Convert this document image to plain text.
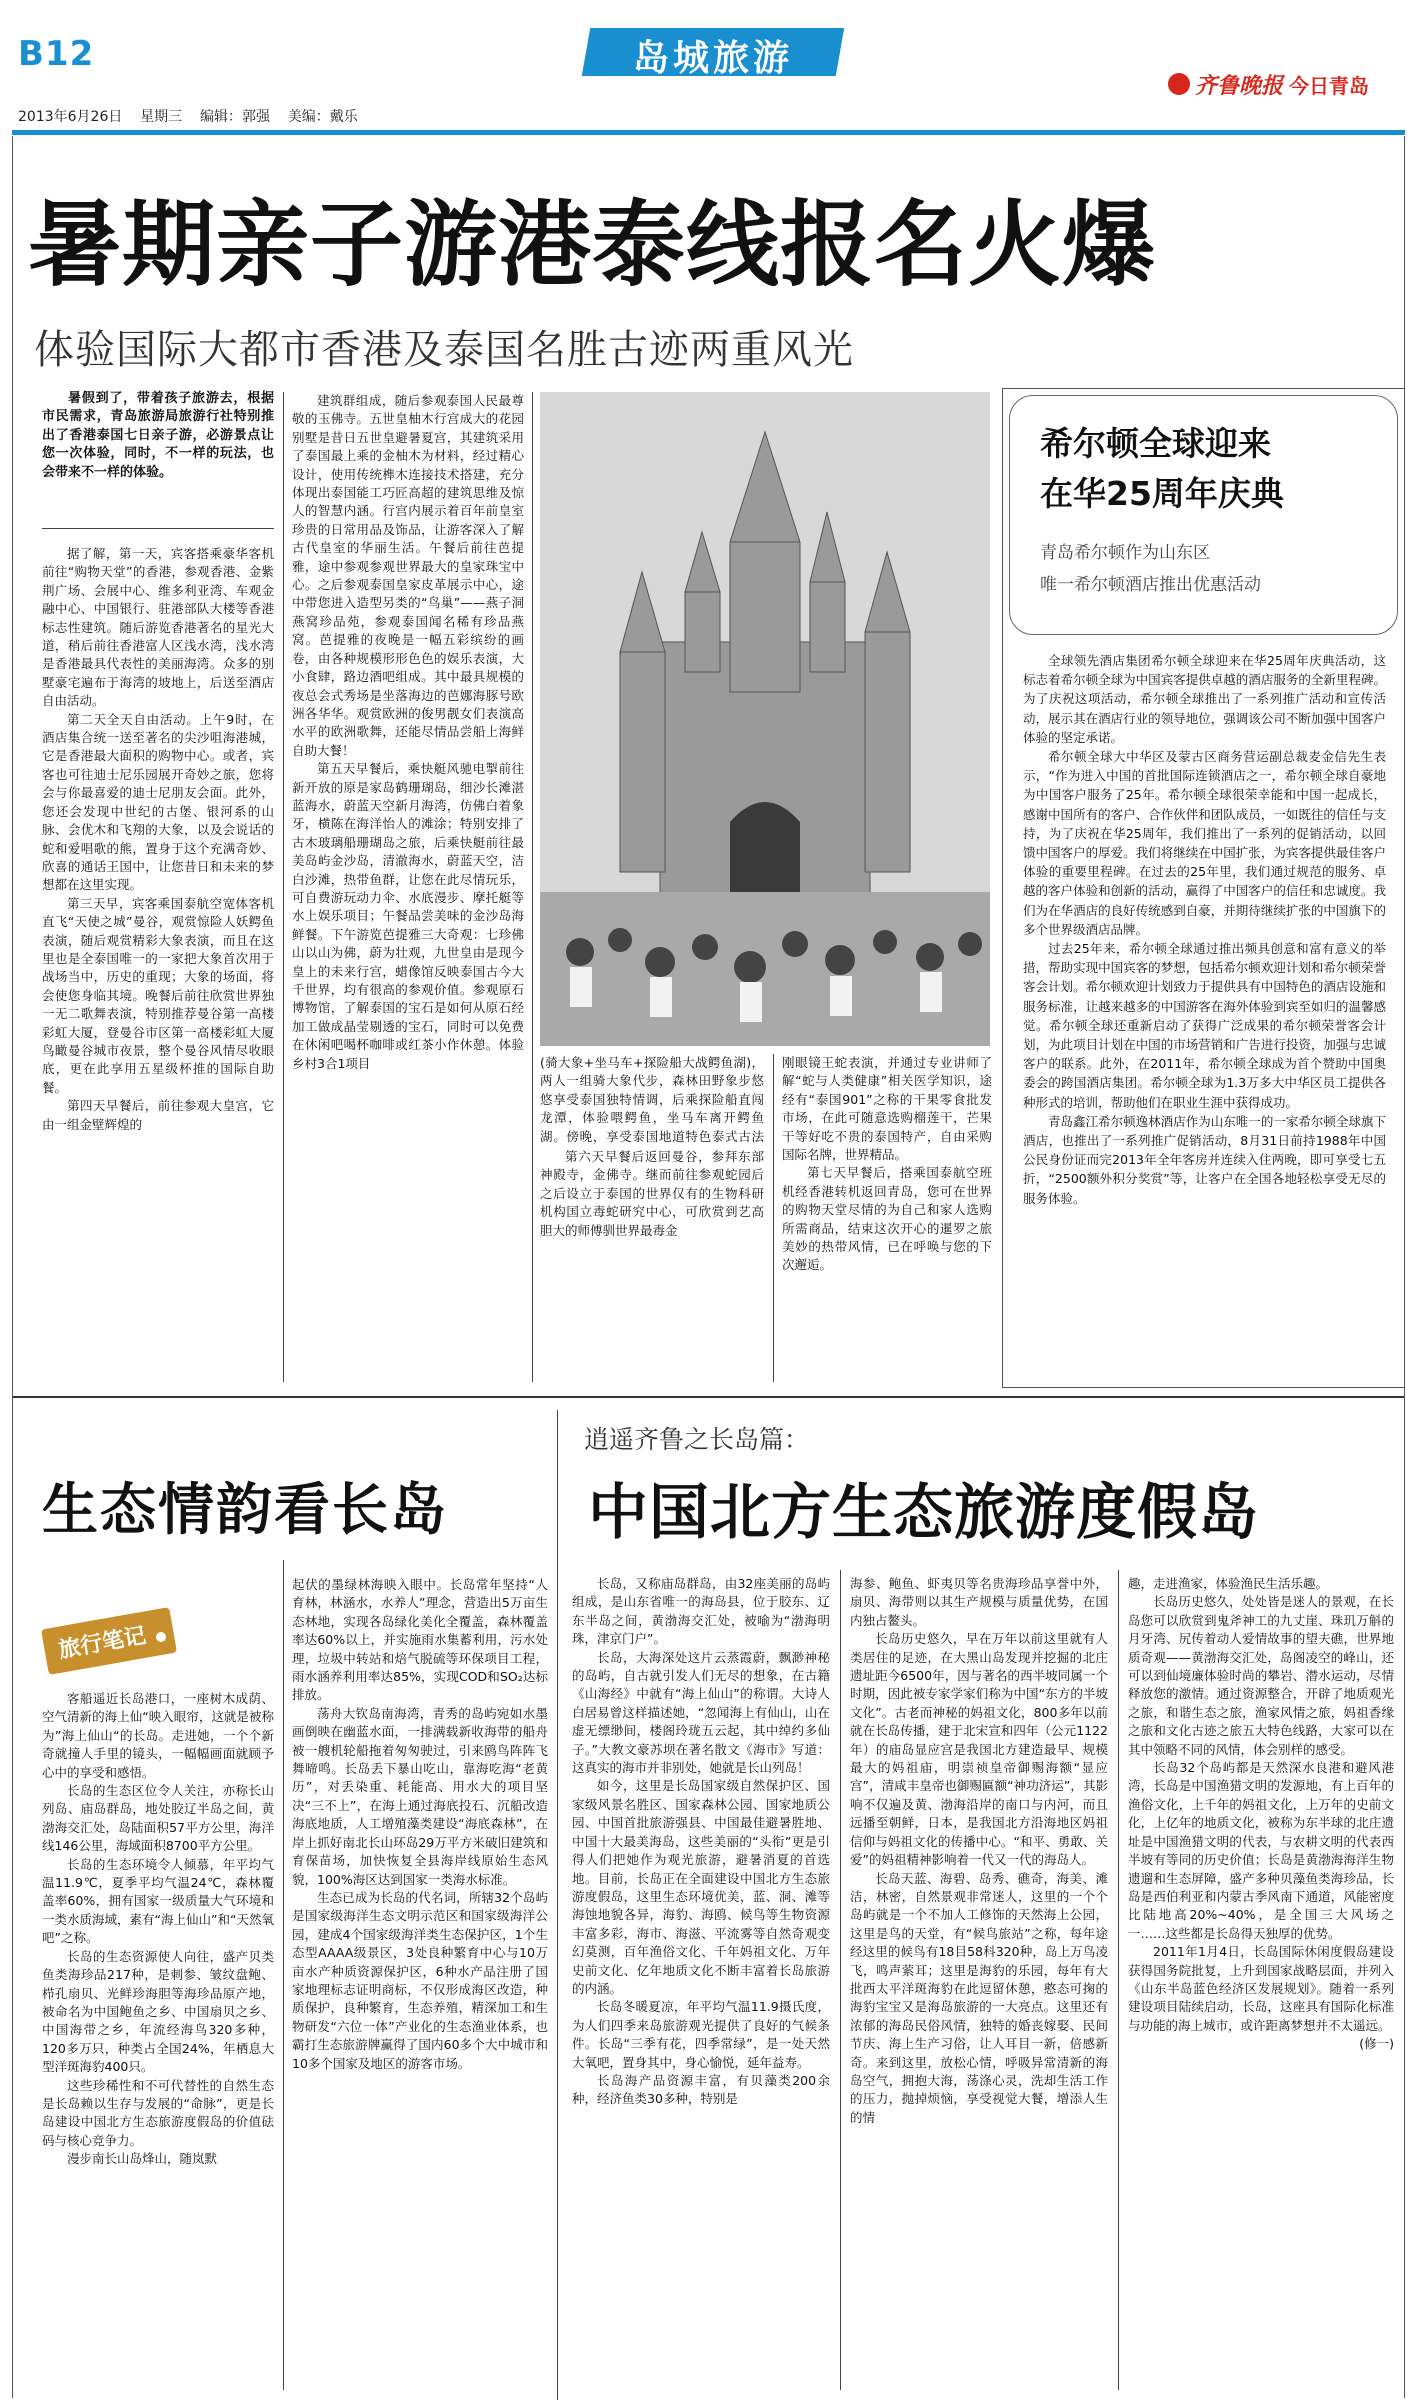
B12	岛城旅游
2013年6月26日 星期三 编辑：郭强 美编：戴乐
齐鲁晚报 今日青岛
暑期亲子游港泰线报名火爆
体验国际大都市香港及泰国名胜古迹两重风光

暑假到了，带着孩子旅游去，根据市民需求，青岛旅游局旅游行社特别推出了香港泰国七日亲子游，必游景点让您一次体验，同时，不一样的玩法，也会带来不一样的体验。

据了解，第一天，宾客搭乘豪华客机前往“购物天堂”的香港，参观香港、金紫荆广场、会展中心、维多利亚湾、车观金融中心、中国银行、驻港部队大楼等香港标志性建筑。随后游览香港著名的星光大道，稍后前往香港富人区浅水湾，浅水湾是香港最具代表性的美丽海湾。众多的别墅豪宅遍布于海湾的坡地上，后送至酒店自由活动。

第二天全天自由活动。上午9时，在酒店集合统一送至著名的尖沙咀海港城，它是香港最大面积的购物中心。或者，宾客也可往迪士尼乐园展开奇妙之旅，您将会与你最喜爱的迪士尼朋友会面。此外，您还会发现中世纪的古堡、银河系的山脉、会优木和飞翔的大象，以及会说话的蛇和爱唱歌的熊，置身于这个充满奇妙、欣喜的通话王国中，让您昔日和未来的梦想都在这里实现。

第三天早，宾客乘国泰航空宽体客机直飞“天使之城”曼谷，观赏惊险人妖鳄鱼表演，随后观赏精彩大象表演，而且在这里也是全泰国唯一的一家把大象首次用于战场当中，历史的重现；大象的场面，将会使您身临其境。晚餐后前往欣赏世界独一无二歌舞表演，特别推荐曼谷第一高楼彩虹大厦，登曼谷市区第一高楼彩虹大厦鸟瞰曼谷城市夜景，整个曼谷风情尽收眼底，更在此享用五星级杯推的国际自助餐。

第四天早餐后，前往参观大皇宫，它由一组金壁辉煌的

建筑群组成，随后参观泰国人民最尊敬的玉佛寺。五世皇柚木行宫成大的花园别墅是昔日五世皇避暑夏宫，其建筑采用了泰国最上乘的金柚木为材料，经过精心设计，使用传统榫木连接技术搭建，充分体现出泰国能工巧匠高超的建筑思维及惊人的智慧内涵。行宫内展示着百年前皇室珍贵的日常用品及饰品，让游客深入了解古代皇室的华丽生活。午餐后前往芭提雅，途中参观参观世界最大的皇家珠宝中心。之后参观泰国皇家皮革展示中心，途中带您进入造型另类的“鸟巢”——燕子洞燕窝珍品苑，参观泰国闻名稀有珍品燕窝。芭提雅的夜晚是一幅五彩缤纷的画卷，由各种规模形形色色的娱乐表演，大小食肆，路边酒吧组成。其中最具规模的夜总会式秀场是坐落海边的芭娜海豚号欧洲各华华。观赏欧洲的俊男靓女们表演高水平的欧洲歌舞，还能尽情品尝船上海鲜自助大餐！

第五天早餐后，乘快艇风驰电掣前往新开放的原是家岛鹤珊瑚岛，细沙长滩湛蓝海水，蔚蓝天空新月海湾，仿佛白着象牙，横陈在海洋怡人的滩涂；特别安排了古木玻璃船珊瑚岛之旅，后乘快艇前往最美岛屿金沙岛，清澈海水，蔚蓝天空，洁白沙滩，热带鱼群，让您在此尽情玩乐，可自费游玩动力伞、水底漫步、摩托艇等水上娱乐项目；午餐品尝美味的金沙岛海鲜餐。下午游览芭提雅三大奇观：七珍佛山以山为佛，蔚为壮观，九世皇由是现今皇上的未来行宫，蜡像馆反映泰国古今大千世界，均有很高的参观价值。参观原石博物馆，了解泰国的宝石是如何从原石经加工做成晶莹剔透的宝石，同时可以免费在休闲吧喝杯咖啡或红茶小作休憩。体验乡村3合1项目	(骑大象+坐马车+探险船大战鳄鱼湖)，两人一组骑大象代步，森林田野象步悠悠享受泰国独特情调，后乘探险船直闯龙潭，体验喂鳄鱼，坐马车离开鳄鱼湖。傍晚，享受泰国地道特色泰式古法

第六天早餐后返回曼谷，参拜东部神殿寺，金佛寺。继而前往参观蛇园后之后设立于泰国的世界仅有的生物科研机构国立毒蛇研究中心，可欣赏到艺高胆大的师傅驯世界最毒金

刚眼镜王蛇表演，并通过专业讲师了解“蛇与人类健康”相关医学知识，途经有“泰国901”之称的干果零食批发市场，在此可随意选购榴莲干，芒果干等好吃不贵的泰国特产，自由采购国际名牌，世界精品。

第七天早餐后，搭乘国泰航空班机经香港转机返回青岛，您可在世界的购物天堂尽情的为自己和家人选购所需商品，结束这次开心的暹罗之旅美妙的热带风情，已在呼唤与您的下次邂逅。

希尔顿全球迎来
在华25周年庆典
青岛希尔顿作为山东区
唯一希尔顿酒店推出优惠活动

全球领先酒店集团希尔顿全球迎来在华25周年庆典活动，这标志着希尔顿全球为中国宾客提供卓越的酒店服务的全新里程碑。为了庆祝这项活动，希尔顿全球推出了一系列推广活动和宣传活动，展示其在酒店行业的领导地位，强调该公司不断加强中国客户体验的坚定承诺。

希尔顿全球大中华区及蒙古区商务营运副总裁麦金信先生表示，“作为进入中国的首批国际连锁酒店之一，希尔顿全球自豪地为中国客户服务了25年。希尔顿全球很荣幸能和中国一起成长，感谢中国所有的客户、合作伙伴和团队成员，一如既往的信任与支持，为了庆祝在华25周年，我们推出了一系列的促销活动，以回馈中国客户的厚爱。我们将继续在中国扩张，为宾客提供最佳客户体验的重要里程碑。在过去的25年里，我们通过规范的服务、卓越的客户体验和创新的活动，赢得了中国客户的信任和忠诚度。我们为在华酒店的良好传统感到自豪，并期待继续扩张的中国旗下的多个世界级酒店品牌。

过去25年来，希尔顿全球通过推出频具创意和富有意义的举措，帮助实现中国宾客的梦想，包括希尔顿欢迎计划和希尔顿荣誉客会计划。希尔顿欢迎计划致力于提供具有中国特色的酒店设施和服务标准，让越来越多的中国游客在海外体验到宾至如归的温馨感觉。希尔顿全球还重新启动了获得广泛成果的希尔顿荣誉客会计划，为此项目计划在中国的市场营销和广告进行投资，加强与忠诚客户的联系。此外，在2011年，希尔顿全球成为首个赞助中国奥委会的跨国酒店集团。希尔顿全球为1.3万多大中华区员工提供各种形式的培训，帮助他们在职业生涯中获得成功。

青岛鑫江希尔顿逸林酒店作为山东唯一的一家希尔顿全球旗下酒店，也推出了一系列推广促销活动，8月31日前持1988年中国公民身份证而完2013年全年客房并连续入住两晚，即可享受七五折，“2500额外积分奖赏”等，让客户在全国各地轻松享受无尽的服务体验。

生态情韵看长岛
旅行笔记

客船遥近长岛港口，一座树木成荫、空气清新的海上仙“映入眼帘，这就是被称为”海上仙山“的长岛。走进她，一个个新奇就撞人手里的镜头，一幅幅画面就顾予心中的享受和感悟。

长岛的生态区位令人关注，亦称长山列岛、庙岛群岛，地处胶辽半岛之间，黄渤海交汇处，岛陆面积57平方公里，海洋线146公里，海域面积8700平方公里。

长岛的生态环境令人倾慕，年平均气温11.9℃，夏季平均气温24℃，森林覆盖率60%，拥有国家一级质量大气环境和一类水质海域，素有“海上仙山”和“天然氧吧”之称。

长岛的生态资源使人向往，盛产贝类鱼类海珍品217种，是刺参、皱纹盘鲍、栉孔扇贝、光鲜珍海胆等海珍品原产地，被命名为中国鲍鱼之乡、中国扇贝之乡、中国海带之乡，年流经海鸟320多种，120多万只，种类占全国24%，年栖息大型洋斑海豹400只。

这些珍稀性和不可代替性的自然生态是长岛赖以生存与发展的“命脉”，更是长岛建设中国北方生态旅游度假岛的价值砝码与核心竞争力。

漫步南长山岛烽山，随岚默

起伏的墨绿林海映入眼中。长岛常年坚持“人育林，林涵水，水养人”理念，营造出5万亩生态林地，实现各岛绿化美化全覆盖，森林覆盖率达60%以上，并实施雨水集蓄利用，污水处理，垃圾中转站和焙气脱硫等环保项目工程，雨水涵养利用率达85%，实现COD和SO₂达标排放。

荡舟大钦岛南海湾，青秀的岛屿宛如水墨画倒映在幽蓝水面，一排满载新收海带的船舟被一艘机轮船拖着匆匆驶过，引来鸥鸟阵阵飞舞啼鸣。长岛丢下暴山吃山，靠海吃海“老黄历”，对丢染重、耗能高、用水大的项目坚决“三不上”，在海上通过海底投石、沉船改造海底地质，人工增殖藻类建设“海底森林”，在岸上抓好南北长山环岛29万平方米破旧建筑和育保苗场，加快恢复全县海岸线原始生态风貌，100%海区达到国家一类海水标准。

生态已成为长岛的代名词，所辖32个岛屿是国家级海洋生态文明示范区和国家级海洋公园，建成4个国家级海洋类生态保护区，1个生态型AAAA级景区，3处良种繁育中心与10万亩水产种质资源保护区，6种水产品注册了国家地理标志证明商标，不仅形成海区改造，种质保护，良种繁育，生态养殖，精深加工和生物研发“六位一体”产业化的生态渔业体系，也霸打生态旅游牌赢得了国内60多个大中城市和10多个国家及地区的游客市场。

逍遥齐鲁之长岛篇：
中国北方生态旅游度假岛

长岛，又称庙岛群岛，由32座美丽的岛屿组成，是山东省唯一的海岛县，位于胶东、辽东半岛之间，黄渤海交汇处，被喻为“渤海明珠，津京门户”。

长岛，大海深处这片云蒸霞蔚，飘渺神秘的岛屿，自古就引发人们无尽的想象，在古籍《山海经》中就有“海上仙山”的称谓。大诗人白居易曾这样描述她，“忽闻海上有仙山，山在虚无缥缈间，楼阁玲珑五云起，其中绰约多仙子。”大教文豪苏坝在著名散文《海市》写道：这真实的海市并非别处，她就是长山列岛！

如今，这里是长岛国家级自然保护区、国家级风景名胜区、国家森林公园、国家地质公园、中国首批旅游强县、中国最佳避暑胜地、中国十大最美海岛，这些美丽的“头衔”更是引得人们把她作为观光旅游，避暑消夏的首选地。目前，长岛正在全面建设中国北方生态旅游度假岛，这里生态环境优美，蓝、洞、滩等海蚀地貌各异，海豹、海鸥、候鸟等生物资源丰富多彩，海市、海滋、平流雾等自然奇观变幻莫测，百年渔俗文化、千年妈祖文化、万年史前文化、亿年地质文化不断丰富着长岛旅游的内涵。

长岛冬暖夏凉，年平均气温11.9摄氏度，为人们四季来岛旅游观光提供了良好的气候条件。长岛“三季有花，四季常绿”，是一处天然大氧吧，置身其中，身心愉悦，延年益寿。

长岛海产品资源丰富，有贝藻类200余种，经济鱼类30多种，特别是

海参、鲍鱼、虾夷贝等名贵海珍品享誉中外，扇贝、海带则以其生产规模与质量优势，在国内独占鳌头。

长岛历史悠久，早在万年以前这里就有人类居住的足迹，在大黑山岛发现并挖掘的北庄遗址距今6500年，因与著名的西半坡同属一个时期，因此被专家学家们称为中国“东方的半坡文化”。古老而神秘的妈祖文化，800多年以前就在长岛传播，建于北宋宣和四年（公元1122年）的庙岛显应宫是我国北方建造最早、规模最大的妈祖庙，明崇祯皇帝御赐海额“显应宫”，清咸丰皇帝也御赐匾额“神功济运”，其影响不仅遍及黄、渤海沿岸的南口与内河，而且远播至朝鲜，日本，是我国北方沿海地区妈祖信仰与妈祖文化的传播中心。“和平、勇敢、关爱”的妈祖精神影响着一代又一代的海岛人。

长岛天蓝、海碧、岛秀、礁奇，海美、滩洁，林密，自然景观非常迷人，这里的一个个岛屿就是一个不加人工修饰的天然海上公园，这里是鸟的天堂，有“候鸟旅站”之称，每年途经这里的候鸟有18目58科320种，岛上万鸟凌飞，鸣声萦耳；这里是海豹的乐园，每年有大批西太平洋斑海豹在此逗留休憩，憨态可掬的海豹宝宝又是海岛旅游的一大亮点。这里还有浓郁的海岛民俗风情，独特的婚丧嫁娶、民间节庆、海上生产习俗，让人耳目一新，倍感新奇。来到这里，放松心情，呼吸异常清新的海岛空气，拥抱大海，荡涤心灵，洗却生活工作的压力，抛掉烦恼，享受视觉大餐，增添人生的情

趣，走进渔家，体验渔民生活乐趣。

长岛历史悠久，处处皆是迷人的景观，在长岛您可以欣赏到鬼斧神工的九丈崖、珠玑万斛的月牙湾、尻传着动人爱情故事的望夫礁，世界地质奇观——黄渤海交汇处，岛阁凌空的峰山，还可以到仙境廉体验时尚的攀岩、潜水运动，尽情释放您的激情。通过资源整合，开辟了地质观光之旅，和谐生态之旅，渔家风情之旅，妈祖香缘之旅和文化古迹之旅五大特色线路，大家可以在其中领略不同的风情，体会别样的感受。

长岛32个岛屿都是天然深水良港和避风港湾，长岛是中国渔猎文明的发源地，有上百年的渔俗文化，上千年的妈祖文化，上万年的史前文化，上亿年的地质文化，被称为东半球的北庄遗址是中国渔猎文明的代表，与农耕文明的代表西半坡有等同的历史价值；长岛是黄渤海海洋生物遗遛和生态屏障，盛产多种贝藻鱼类海珍品，长岛是西伯利亚和内蒙古季风南下通道，风能密度比陆地高20%~40%，是全国三大风场之一……这些都是长岛得天独厚的优势。

2011年1月4日，长岛国际休闲度假岛建设获得国务院批复，上升到国家战略层面，并列入《山东半岛蓝色经济区发展规划》。随着一系列建设项目陆续启动，长岛，这座具有国际化标准与功能的海上城市，或许距离梦想并不太遥远。

(修一)
